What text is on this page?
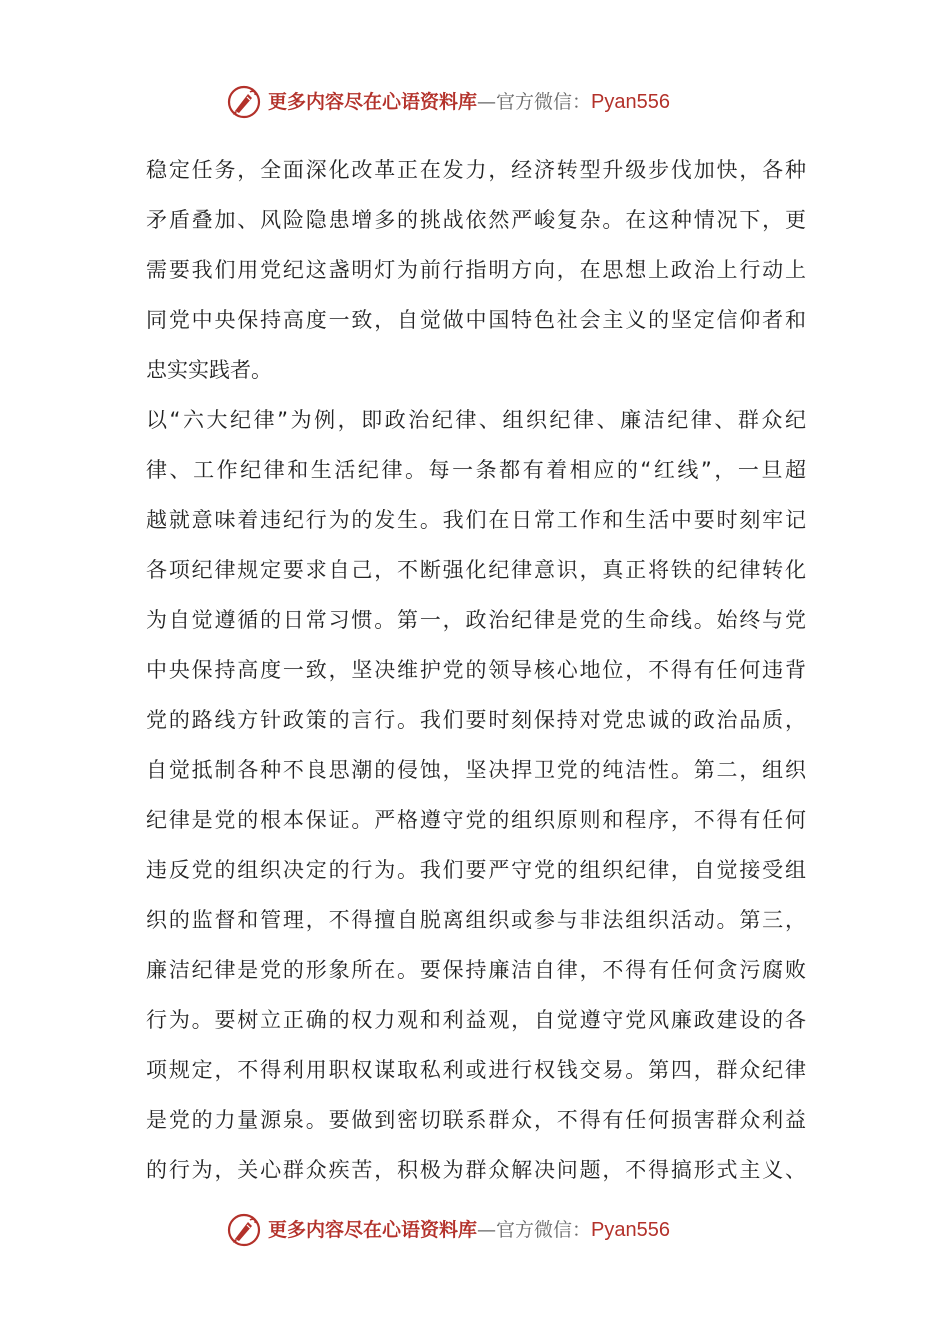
更多内容尽在心语资料库—官方微信：Pyan556
稳定任务，全面深化改革正在发力，经济转型升级步伐加快，各种
矛盾叠加、风险隐患增多的挑战依然严峻复杂。在这种情况下，更
需要我们用党纪这盏明灯为前行指明方向，在思想上政治上行动上
同党中央保持高度一致，自觉做中国特色社会主义的坚定信仰者和
忠实实践者。
以“六大纪律”为例，即政治纪律、组织纪律、廉洁纪律、群众纪
律、工作纪律和生活纪律。每一条都有着相应的“红线”，一旦超
越就意味着违纪行为的发生。我们在日常工作和生活中要时刻牢记
各项纪律规定要求自己，不断强化纪律意识，真正将铁的纪律转化
为自觉遵循的日常习惯。第一，政治纪律是党的生命线。始终与党
中央保持高度一致，坚决维护党的领导核心地位，不得有任何违背
党的路线方针政策的言行。我们要时刻保持对党忠诚的政治品质，
自觉抵制各种不良思潮的侵蚀，坚决捍卫党的纯洁性。第二，组织
纪律是党的根本保证。严格遵守党的组织原则和程序，不得有任何
违反党的组织决定的行为。我们要严守党的组织纪律，自觉接受组
织的监督和管理，不得擅自脱离组织或参与非法组织活动。第三，
廉洁纪律是党的形象所在。要保持廉洁自律，不得有任何贪污腐败
行为。要树立正确的权力观和利益观，自觉遵守党风廉政建设的各
项规定，不得利用职权谋取私利或进行权钱交易。第四，群众纪律
是党的力量源泉。要做到密切联系群众，不得有任何损害群众利益
的行为，关心群众疾苦，积极为群众解决问题，不得搞形式主义、
更多内容尽在心语资料库—官方微信：Pyan556
